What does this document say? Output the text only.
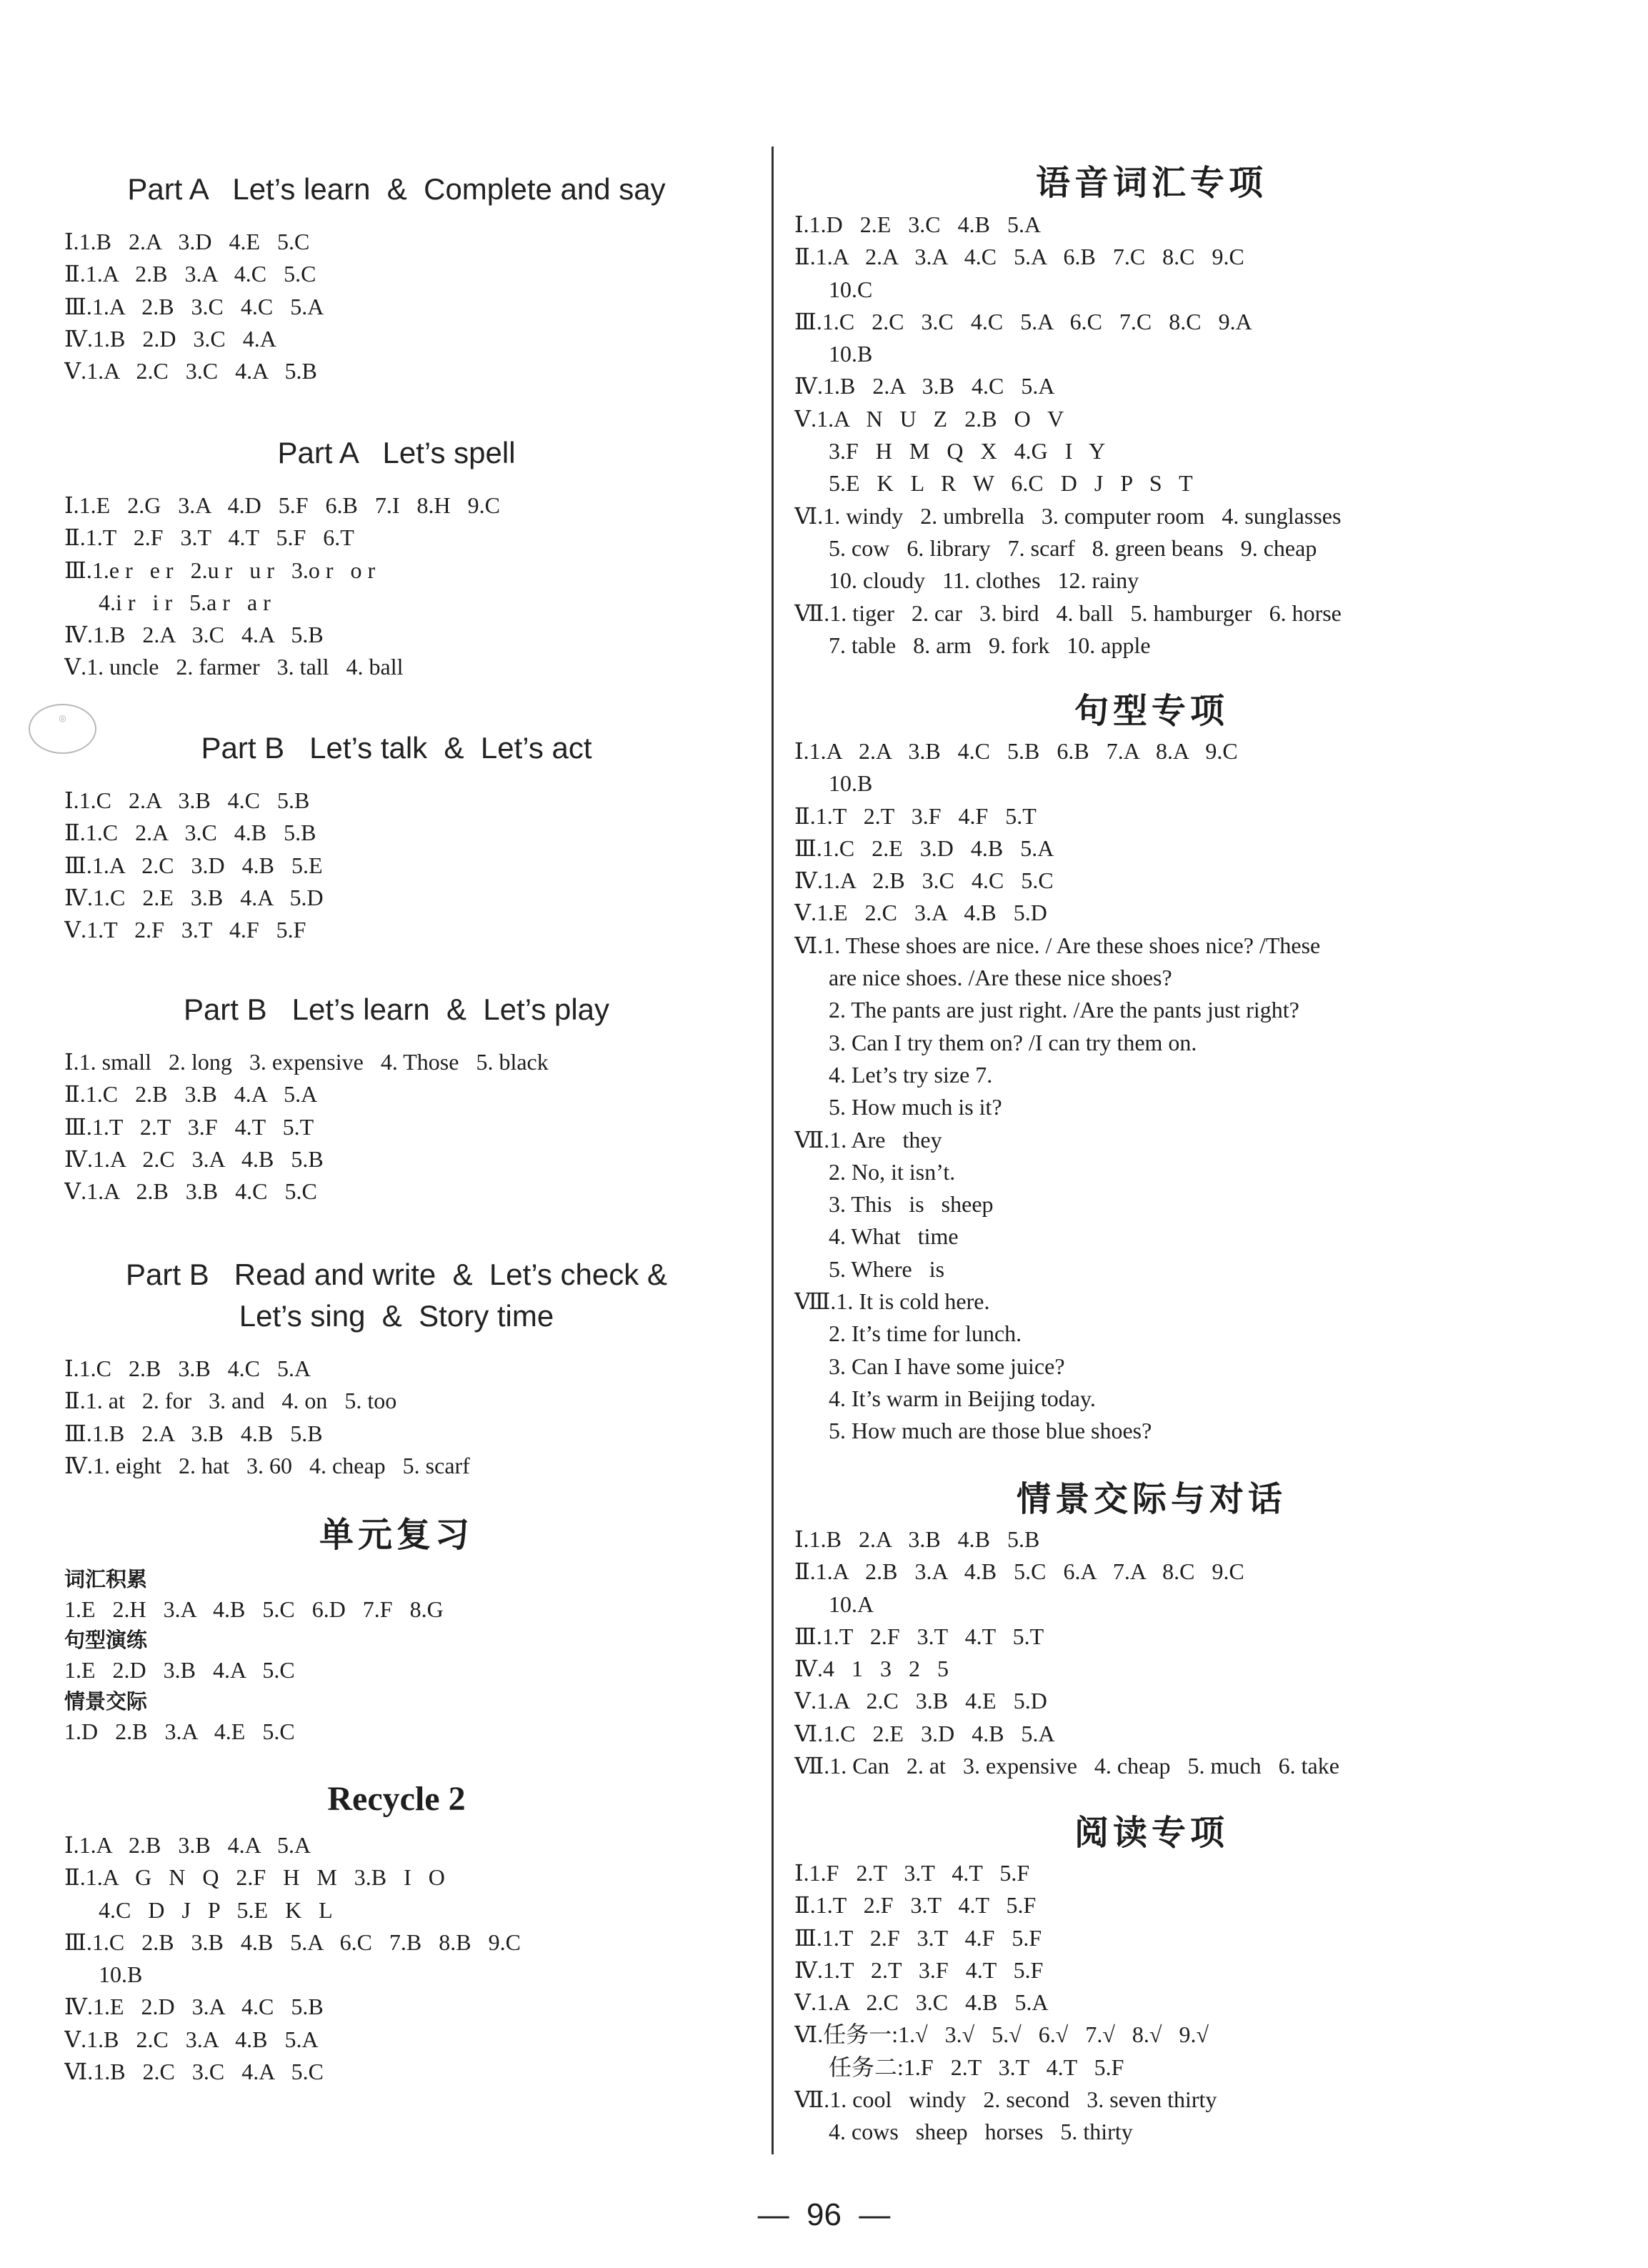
◎
Part A   Let’s learn  &  Complete and say
Ⅰ.1.B   2.A   3.D   4.E   5.C
Ⅱ.1.A   2.B   3.A   4.C   5.C
Ⅲ.1.A   2.B   3.C   4.C   5.A
Ⅳ.1.B   2.D   3.C   4.A
Ⅴ.1.A   2.C   3.C   4.A   5.B
Part A   Let’s spell
Ⅰ.1.E   2.G   3.A   4.D   5.F   6.B   7.I   8.H   9.C
Ⅱ.1.T   2.F   3.T   4.T   5.F   6.T
Ⅲ.1.e r   e r   2.u r   u r   3.o r   o r
4.i r   i r   5.a r   a r
Ⅳ.1.B   2.A   3.C   4.A   5.B
Ⅴ.1. uncle   2. farmer   3. tall   4. ball
Part B   Let’s talk  &  Let’s act
Ⅰ.1.C   2.A   3.B   4.C   5.B
Ⅱ.1.C   2.A   3.C   4.B   5.B
Ⅲ.1.A   2.C   3.D   4.B   5.E
Ⅳ.1.C   2.E   3.B   4.A   5.D
Ⅴ.1.T   2.F   3.T   4.F   5.F
Part B   Let’s learn  &  Let’s play
Ⅰ.1. small   2. long   3. expensive   4. Those   5. black
Ⅱ.1.C   2.B   3.B   4.A   5.A
Ⅲ.1.T   2.T   3.F   4.T   5.T
Ⅳ.1.A   2.C   3.A   4.B   5.B
Ⅴ.1.A   2.B   3.B   4.C   5.C
Part B   Read and write  &  Let’s check &
Let’s sing  &  Story time
Ⅰ.1.C   2.B   3.B   4.C   5.A
Ⅱ.1. at   2. for   3. and   4. on   5. too
Ⅲ.1.B   2.A   3.B   4.B   5.B
Ⅳ.1. eight   2. hat   3. 60   4. cheap   5. scarf
单元复习
词汇积累
1.E   2.H   3.A   4.B   5.C   6.D   7.F   8.G
句型演练
1.E   2.D   3.B   4.A   5.C
情景交际
1.D   2.B   3.A   4.E   5.C
Recycle 2
Ⅰ.1.A   2.B   3.B   4.A   5.A
Ⅱ.1.A   G   N   Q   2.F   H   M   3.B   I   O
4.C   D   J   P   5.E   K   L
Ⅲ.1.C   2.B   3.B   4.B   5.A   6.C   7.B   8.B   9.C
10.B
Ⅳ.1.E   2.D   3.A   4.C   5.B
Ⅴ.1.B   2.C   3.A   4.B   5.A
Ⅵ.1.B   2.C   3.C   4.A   5.C
语音词汇专项
Ⅰ.1.D   2.E   3.C   4.B   5.A
Ⅱ.1.A   2.A   3.A   4.C   5.A   6.B   7.C   8.C   9.C
10.C
Ⅲ.1.C   2.C   3.C   4.C   5.A   6.C   7.C   8.C   9.A
10.B
Ⅳ.1.B   2.A   3.B   4.C   5.A
Ⅴ.1.A   N   U   Z   2.B   O   V
3.F   H   M   Q   X   4.G   I   Y
5.E   K   L   R   W   6.C   D   J   P   S   T
Ⅵ.1. windy   2. umbrella   3. computer room   4. sunglasses
5. cow   6. library   7. scarf   8. green beans   9. cheap
10. cloudy   11. clothes   12. rainy
Ⅶ.1. tiger   2. car   3. bird   4. ball   5. hamburger   6. horse
7. table   8. arm   9. fork   10. apple
句型专项
Ⅰ.1.A   2.A   3.B   4.C   5.B   6.B   7.A   8.A   9.C
10.B
Ⅱ.1.T   2.T   3.F   4.F   5.T
Ⅲ.1.C   2.E   3.D   4.B   5.A
Ⅳ.1.A   2.B   3.C   4.C   5.C
Ⅴ.1.E   2.C   3.A   4.B   5.D
Ⅵ.1. These shoes are nice. / Are these shoes nice? /These
are nice shoes. /Are these nice shoes?
2. The pants are just right. /Are the pants just right?
3. Can I try them on? /I can try them on.
4. Let’s try size 7.
5. How much is it?
Ⅶ.1. Are   they
2. No, it isn’t.
3. This   is   sheep
4. What   time
5. Where   is
Ⅷ.1. It is cold here.
2. It’s time for lunch.
3. Can I have some juice?
4. It’s warm in Beijing today.
5. How much are those blue shoes?
情景交际与对话
Ⅰ.1.B   2.A   3.B   4.B   5.B
Ⅱ.1.A   2.B   3.A   4.B   5.C   6.A   7.A   8.C   9.C
10.A
Ⅲ.1.T   2.F   3.T   4.T   5.T
Ⅳ.4   1   3   2   5
Ⅴ.1.A   2.C   3.B   4.E   5.D
Ⅵ.1.C   2.E   3.D   4.B   5.A
Ⅶ.1. Can   2. at   3. expensive   4. cheap   5. much   6. take
阅读专项
Ⅰ.1.F   2.T   3.T   4.T   5.F
Ⅱ.1.T   2.F   3.T   4.T   5.F
Ⅲ.1.T   2.F   3.T   4.F   5.F
Ⅳ.1.T   2.T   3.F   4.T   5.F
Ⅴ.1.A   2.C   3.C   4.B   5.A
Ⅵ.任务一:1.√   3.√   5.√   6.√   7.√   8.√   9.√
任务二:1.F   2.T   3.T   4.T   5.F
Ⅶ.1. cool   windy   2. second   3. seven thirty
4. cows   sheep   horses   5. thirty
—  96  —
